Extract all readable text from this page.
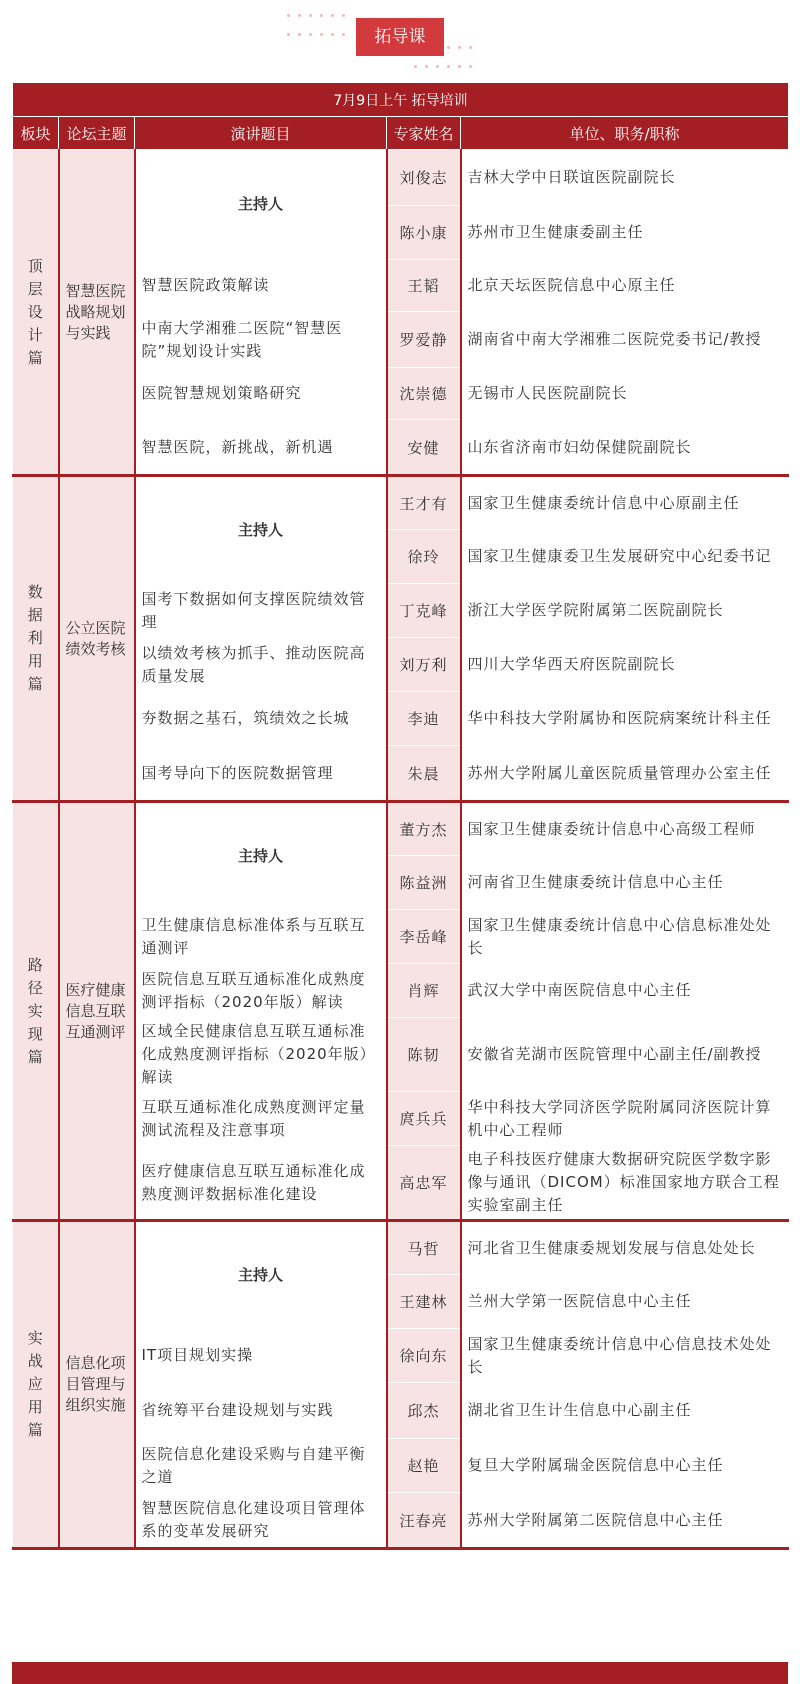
拓导课
7月9日上午 拓导培训				
板块	论坛主题	演讲题目	专家姓名	单位、职务/职称

顶层设计篇	智慧医院战略规划与实践	主持人	刘俊志	吉林大学中日联谊医院副院长
			陈小康	苏州市卫生健康委副主任
		智慧医院政策解读	王韬	北京天坛医院信息中心原主任
		中南大学湘雅二医院“智慧医院”规划设计实践	罗爱静	湖南省中南大学湘雅二医院党委书记/教授
		医院智慧规划策略研究	沈崇德	无锡市人民医院副院长
		智慧医院，新挑战，新机遇	安健	山东省济南市妇幼保健院副院长

数据利用篇	公立医院绩效考核	主持人	王才有	国家卫生健康委统计信息中心原副主任
			徐玲	国家卫生健康委卫生发展研究中心纪委书记
		国考下数据如何支撑医院绩效管理	丁克峰	浙江大学医学院附属第二医院副院长
		以绩效考核为抓手、推动医院高质量发展	刘万利	四川大学华西天府医院副院长
		夯数据之基石，筑绩效之长城	李迪	华中科技大学附属协和医院病案统计科主任
		国考导向下的医院数据管理	朱晨	苏州大学附属儿童医院质量管理办公室主任

路径实现篇	医疗健康信息互联互通测评	主持人	董方杰	国家卫生健康委统计信息中心高级工程师
			陈益洲	河南省卫生健康委统计信息中心主任
		卫生健康信息标准体系与互联互通测评	李岳峰	国家卫生健康委统计信息中心信息标准处处长
		医院信息互联互通标准化成熟度测评指标（2020年版）解读	肖辉	武汉大学中南医院信息中心主任
		区域全民健康信息互联互通标准化成熟度测评指标（2020年版）解读	陈韧	安徽省芜湖市医院管理中心副主任/副教授
		互联互通标准化成熟度测评定量测试流程及注意事项	庹兵兵	华中科技大学同济医学院附属同济医院计算机中心工程师
		医疗健康信息互联互通标准化成熟度测评数据标准化建设	高忠军	电子科技医疗健康大数据研究院医学数字影像与通讯（DICOM）标准国家地方联合工程实验室副主任

实战应用篇	信息化项目管理与组织实施	主持人	马哲	河北省卫生健康委规划发展与信息处处长
			王建林	兰州大学第一医院信息中心主任
		IT项目规划实操	徐向东	国家卫生健康委统计信息中心信息技术处处长
		省统筹平台建设规划与实践	邱杰	湖北省卫生计生信息中心副主任
		医院信息化建设采购与自建平衡之道	赵艳	复旦大学附属瑞金医院信息中心主任
		智慧医院信息化建设项目管理体系的变革发展研究	汪春亮	苏州大学附属第二医院信息中心主任
